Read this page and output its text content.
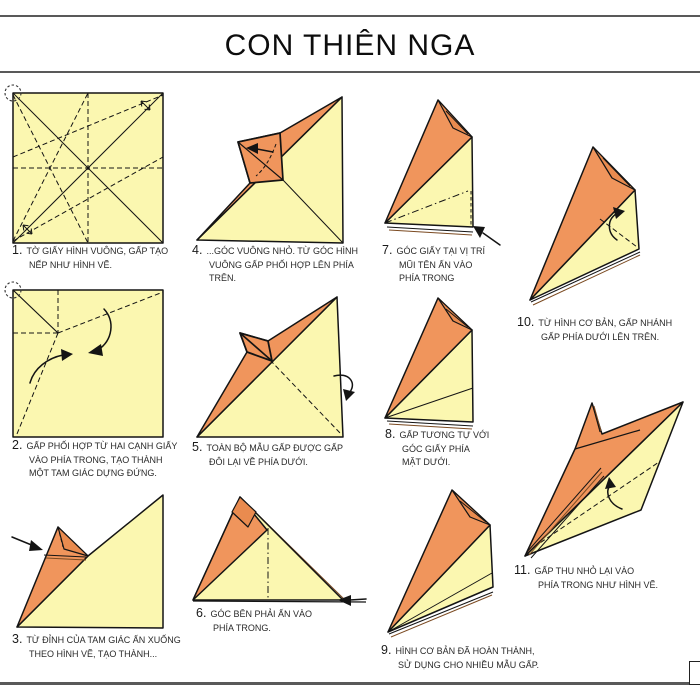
CON THIÊN NGA
1. TỜ GIẤY HÌNH VUÔNG, GẤP TẠO
NẾP NHƯ HÌNH VẼ.
2. GẤP PHỐI HỢP TỪ HAI CẠNH GIẤY
VÀO PHÍA TRONG, TẠO THÀNH
MỘT TAM GIÁC DỰNG ĐỨNG.
3. TỪ ĐỈNH CỦA TAM GIÁC ẤN XUỐNG
THEO HÌNH VẼ, TẠO THÀNH...
4. ...GÓC VUÔNG NHỎ. TỪ GÓC HÌNH
VUÔNG GẤP PHỐI HỢP LÊN PHÍA
TRÊN.
5. TOÀN BỘ MẪU GẤP ĐƯỢC GẤP
ĐÔI LẠI VỀ PHÍA DƯỚI.
6. GÓC BÊN PHẢI ẤN VÀO
PHÍA TRONG.
7. GÓC GIẤY TẠI VỊ TRÍ
MŨI TÊN ẤN VÀO
PHÍA TRONG
8. GẤP TƯƠNG TỰ VỚI
GÓC GIẤY PHÍA
MẶT DƯỚI.
9. HÌNH CƠ BẢN ĐÃ HOÀN THÀNH,
SỬ DỤNG CHO NHIỀU MẪU GẤP.
10. TỪ HÌNH CƠ BẢN, GẤP NHÁNH
GẤP PHÍA DƯỚI LÊN TRÊN.
11. GẤP THU NHỎ LẠI VÀO
PHÍA TRONG NHƯ HÌNH VẼ.
